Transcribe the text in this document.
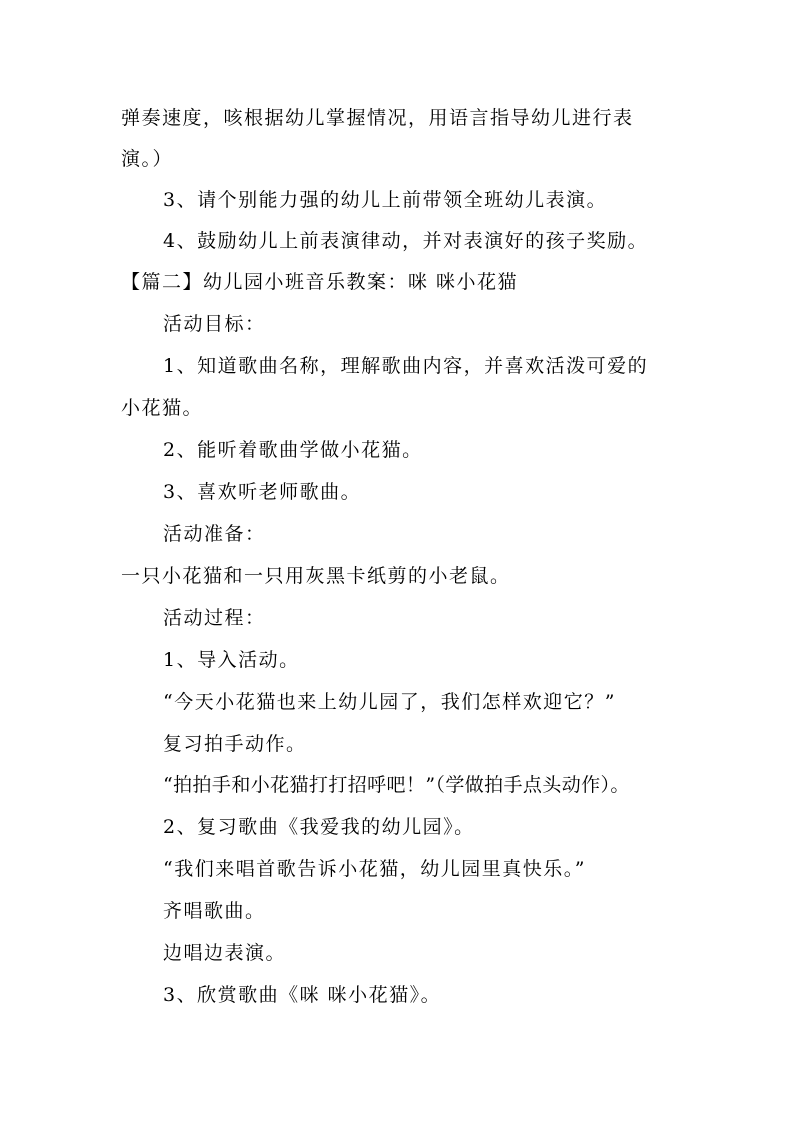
弹奏速度，咳根据幼儿掌握情况，用语言指导幼儿进行表
演。）
3、请个别能力强的幼儿上前带领全班幼儿表演。
4、鼓励幼儿上前表演律动，并对表演好的孩子奖励。
【篇二】幼儿园小班音乐教案：咪 咪小花猫
活动目标：
1、知道歌曲名称，理解歌曲内容，并喜欢活泼可爱的
小花猫。
2、能听着歌曲学做小花猫。
3、喜欢听老师歌曲。
活动准备：
一只小花猫和一只用灰黑卡纸剪的小老鼠。
活动过程：
1、导入活动。
“今天小花猫也来上幼儿园了，我们怎样欢迎它？”
复习拍手动作。
“拍拍手和小花猫打打招呼吧！”（学做拍手点头动作）。
2、复习歌曲《我爱我的幼儿园》。
“我们来唱首歌告诉小花猫，幼儿园里真快乐。”
齐唱歌曲。
边唱边表演。
3、欣赏歌曲《咪 咪小花猫》。
